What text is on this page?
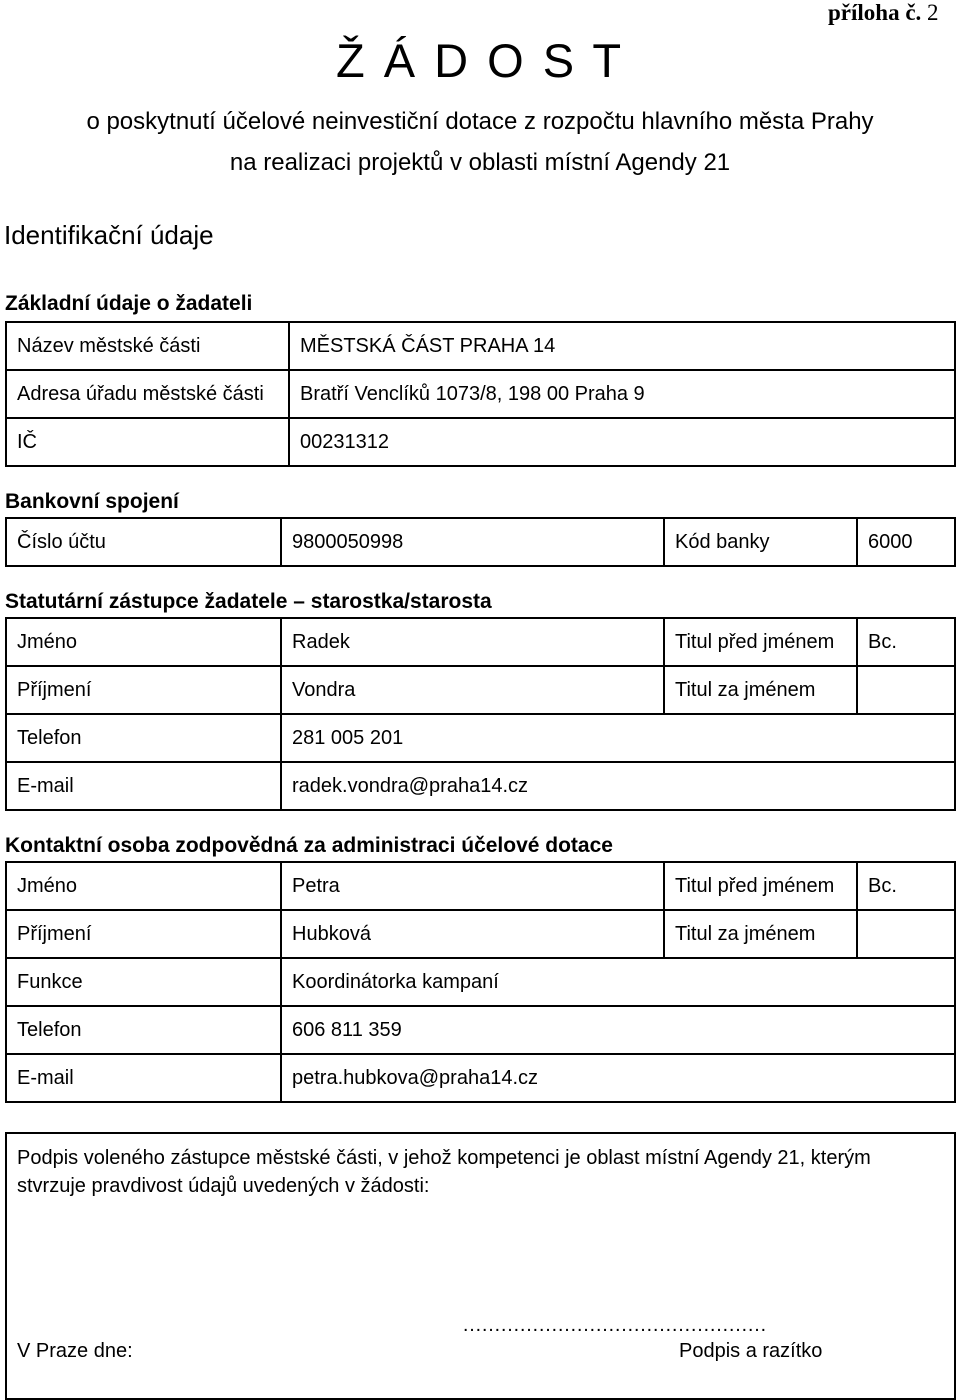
příloha č. 2
Ž Á D O S T
o poskytnutí účelové neinvestiční dotace z rozpočtu hlavního města Prahy
na realizaci projektů v oblasti místní Agendy 21
Identifikační údaje
Základní údaje o žadateli
Název městské části	MĚSTSKÁ ČÁST PRAHA 14
Adresa úřadu městské části	Bratří Venclíků 1073/8, 198 00 Praha 9
IČ	00231312
Bankovní spojení
Číslo účtu	9800050998	Kód banky	6000
Statutární zástupce žadatele – starostka/starosta
Jméno	Radek	Titul před jménem	Bc.
Příjmení	Vondra	Titul za jménem	
Telefon	281 005 201		
E-mail	radek.vondra@praha14.cz		
Kontaktní osoba zodpovědná za administraci účelové dotace
Jméno	Petra	Titul před jménem	Bc.
Příjmení	Hubková	Titul za jménem	
Funkce	Koordinátorka kampaní		
Telefon	606 811 359		
E-mail	petra.hubkova@praha14.cz		
Podpis voleného zástupce městské části, v jehož kompetenci je oblast místní Agendy 21, kterým stvrzuje pravdivost údajů uvedených v žádosti:
…………………………………………
V Praze dne:	Podpis a razítko
